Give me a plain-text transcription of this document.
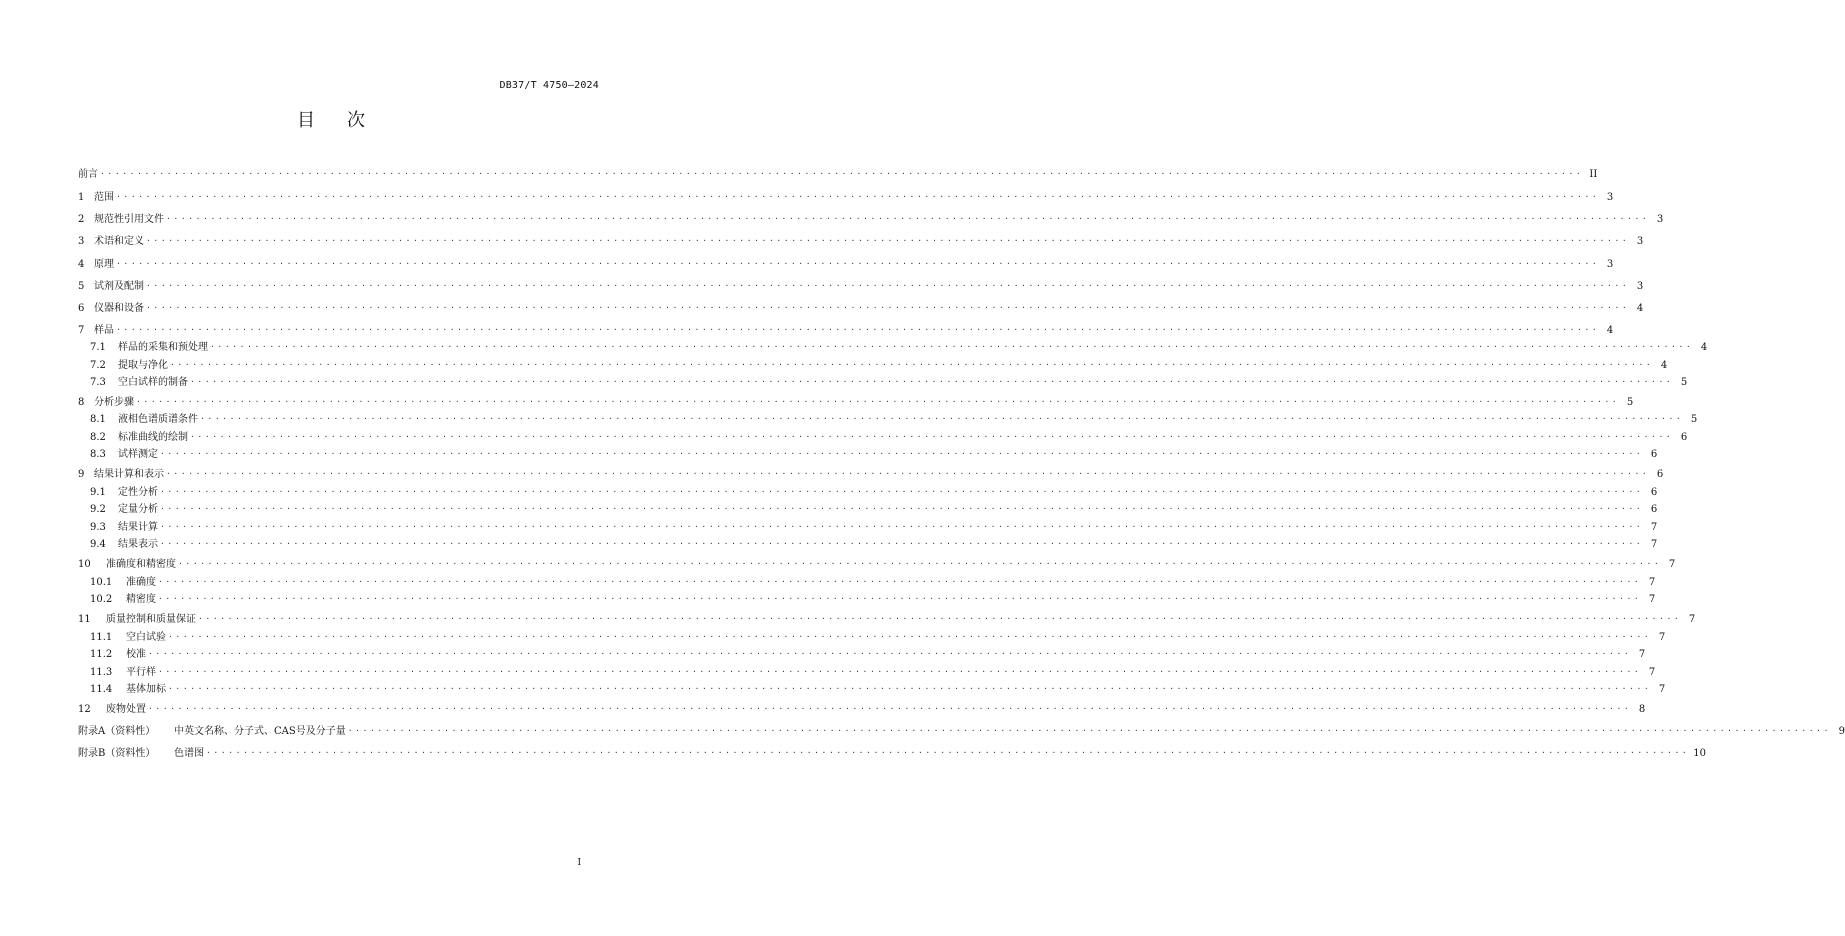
DB37/T 4750—2024
目次
前言 ........................................................................................................................................................................................................ II
1 范围 ........................................................................................................................................................................................................ 3
2 规范性引用文件 ........................................................................................................................................................................................................ 3
3 术语和定义 ........................................................................................................................................................................................................ 3
4 原理 ........................................................................................................................................................................................................ 3
5 试剂及配制 ........................................................................................................................................................................................................ 3
6 仪器和设备 ........................................................................................................................................................................................................ 4
7 样品 ........................................................................................................................................................................................................ 4
7.1	样品的采集和预处理 ........................................................................................................................................................................................................ 4
7.2	提取与净化 ........................................................................................................................................................................................................ 4
7.3	空白试样的制备 ........................................................................................................................................................................................................ 5
8 分析步骤 ........................................................................................................................................................................................................ 5
8.1	液相色谱质谱条件 ........................................................................................................................................................................................................ 5
8.2	标准曲线的绘制 ........................................................................................................................................................................................................ 6
8.3	试样测定 ........................................................................................................................................................................................................ 6
9 结果计算和表示 ........................................................................................................................................................................................................ 6
9.1	定性分析 ........................................................................................................................................................................................................ 6
9.2	定量分析 ........................................................................................................................................................................................................ 6
9.3	结果计算 ........................................................................................................................................................................................................ 7
9.4	结果表示 ........................................................................................................................................................................................................ 7
10	准确度和精密度 ........................................................................................................................................................................................................ 7
10.1	准确度 ........................................................................................................................................................................................................ 7
10.2	精密度 ........................................................................................................................................................................................................ 7
11	质量控制和质量保证 ........................................................................................................................................................................................................ 7
11.1	空白试验 ........................................................................................................................................................................................................ 7
11.2	校准 ........................................................................................................................................................................................................ 7
11.3	平行样 ........................................................................................................................................................................................................ 7
11.4	基体加标 ........................................................................................................................................................................................................ 7
12	废物处置 ........................................................................................................................................................................................................ 8
附录A（资料性）	中英文名称、分子式、CAS号及分子量 ........................................................................................................................................................................................................ 9
附录B（资料性）	色谱图 ........................................................................................................................................................................................................ 10
I
